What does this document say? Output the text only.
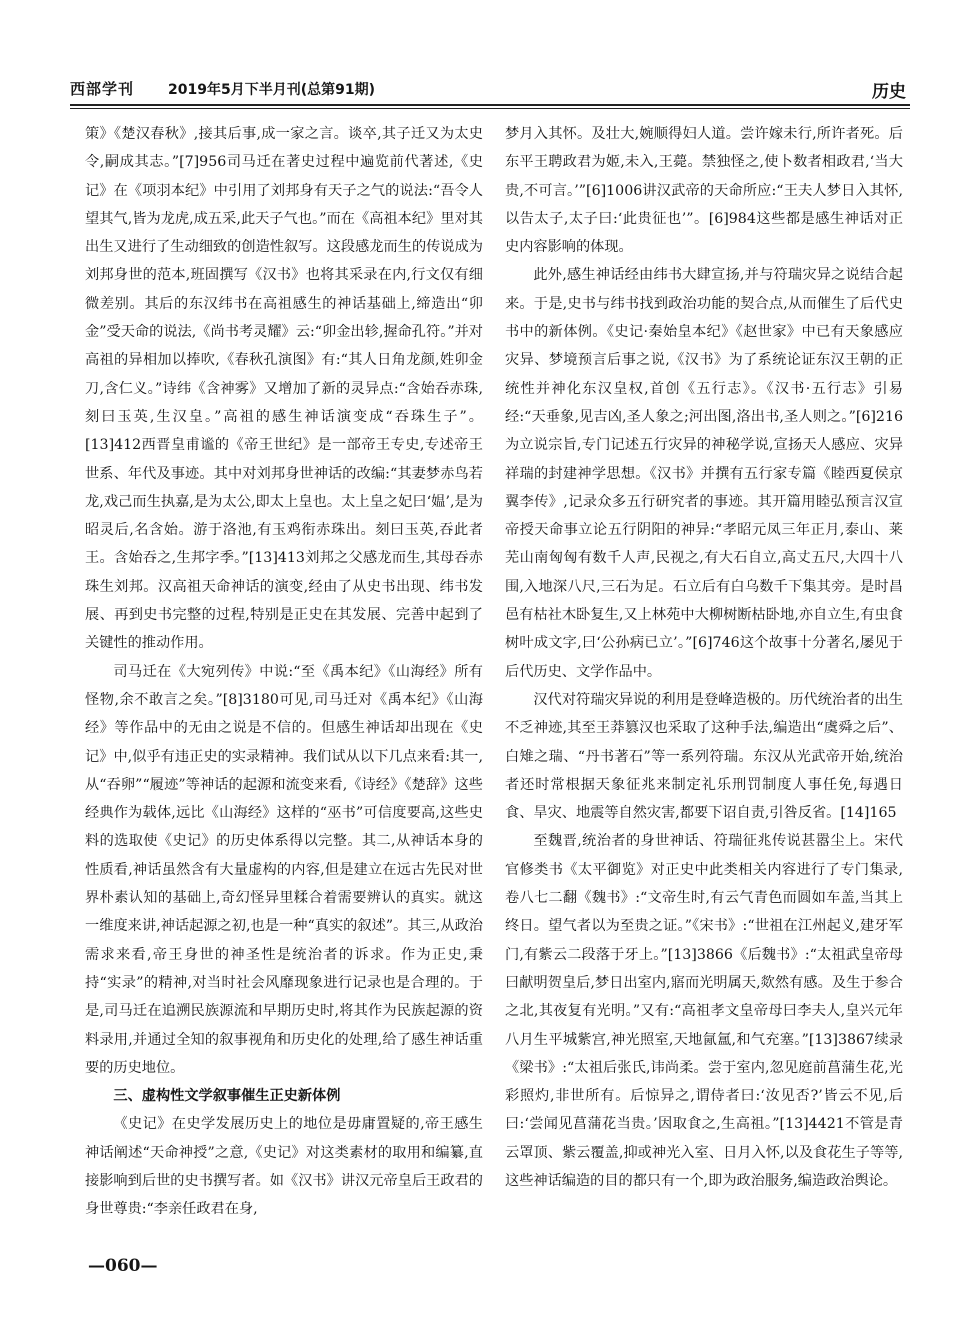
西部学刊 2019年5月下半月刊(总第91期)	历史

策》《楚汉春秋》,接其后事,成一家之言。谈卒,其子迁又为太史令,嗣成其志。”[7]956司马迁在著史过程中遍览前代著述,《史记》在《项羽本纪》中引用了刘邦身有天子之气的说法:“吾令人望其气,皆为龙虎,成五采,此天子气也。”而在《高祖本纪》里对其出生又进行了生动细致的创造性叙写。这段感龙而生的传说成为刘邦身世的范本,班固撰写《汉书》也将其采录在内,行文仅有细微差别。其后的东汉纬书在高祖感生的神话基础上,缔造出“卯金”受天命的说法,《尚书考灵耀》云:“卯金出轸,握命孔符。”并对高祖的异相加以捧吹,《春秋孔演图》有:“其人日角龙颜,姓卯金刀,含仁义。”诗纬《含神雾》又增加了新的灵异点:“含始吞赤珠,刻曰玉英,生汉皇。”高祖的感生神话演变成“吞珠生子”。[13]412西晋皇甫谧的《帝王世纪》是一部帝王专史,专述帝王世系、年代及事迹。其中对刘邦身世神话的改编:“其妻梦赤鸟若龙,戏己而生执嘉,是为太公,即太上皇也。太上皇之妃曰‘媪’,是为昭灵后,名含始。游于洛池,有玉鸡衔赤珠出。刻曰玉英,吞此者王。含始吞之,生邦字季。”[13]413刘邦之父感龙而生,其母吞赤珠生刘邦。汉高祖天命神话的演变,经由了从史书出现、纬书发展、再到史书完整的过程,特别是正史在其发展、完善中起到了关键性的推动作用。

司马迁在《大宛列传》中说:“至《禹本纪》《山海经》所有怪物,余不敢言之矣。”[8]3180可见,司马迁对《禹本纪》《山海经》等作品中的无由之说是不信的。但感生神话却出现在《史记》中,似乎有违正史的实录精神。我们试从以下几点来看:其一,从“吞卵”“履迹”等神话的起源和流变来看,《诗经》《楚辞》这些经典作为载体,远比《山海经》这样的“巫书”可信度要高,这些史料的选取使《史记》的历史体系得以完整。其二,从神话本身的性质看,神话虽然含有大量虚构的内容,但是建立在远古先民对世界朴素认知的基础上,奇幻怪异里糅合着需要辨认的真实。就这一维度来讲,神话起源之初,也是一种“真实的叙述”。其三,从政治需求来看,帝王身世的神圣性是统治者的诉求。作为正史,秉持“实录”的精神,对当时社会风靡现象进行记录也是合理的。于是,司马迁在追溯民族源流和早期历史时,将其作为民族起源的资料录用,并通过全知的叙事视角和历史化的处理,给了感生神话重要的历史地位。

三、虚构性文学叙事催生正史新体例

《史记》在史学发展历史上的地位是毋庸置疑的,帝王感生神话阐述“天命神授”之意,《史记》对这类素材的取用和编纂,直接影响到后世的史书撰写者。如《汉书》讲汉元帝皇后王政君的身世尊贵:“李亲任政君在身,

梦月入其怀。及壮大,婉顺得妇人道。尝许嫁未行,所许者死。后东平王聘政君为姬,未入,王薨。禁独怪之,使卜数者相政君,‘当大贵,不可言。’”[6]1006讲汉武帝的天命所应:“王夫人梦日入其怀,以告太子,太子曰:‘此贵征也’”。[6]984这些都是感生神话对正史内容影响的体现。

此外,感生神话经由纬书大肆宣扬,并与符瑞灾异之说结合起来。于是,史书与纬书找到政治功能的契合点,从而催生了后代史书中的新体例。《史记·秦始皇本纪》《赵世家》中已有天象感应灾异、梦境预言后事之说,《汉书》为了系统论证东汉王朝的正统性并神化东汉皇权,首创《五行志》。《汉书·五行志》引易经:“天垂象,见吉凶,圣人象之;河出图,洛出书,圣人则之。”[6]216为立说宗旨,专门记述五行灾异的神秘学说,宣扬天人感应、灾异祥瑞的封建神学思想。《汉书》并撰有五行家专篇《睦西夏侯京翼李传》,记录众多五行研究者的事迹。其开篇用睦弘预言汉宣帝授天命事立论五行阴阳的神异:“孝昭元凤三年正月,泰山、莱芜山南匈匈有数千人声,民视之,有大石自立,高丈五尺,大四十八围,入地深八尺,三石为足。石立后有白乌数千下集其旁。是时昌邑有枯社木卧复生,又上林苑中大柳树断枯卧地,亦自立生,有虫食树叶成文字,曰‘公孙病已立’。”[6]746这个故事十分著名,屡见于后代历史、文学作品中。

汉代对符瑞灾异说的利用是登峰造极的。历代统治者的出生不乏神迹,其至王莽篡汉也采取了这种手法,编造出“虞舜之后”、白雉之瑞、“丹书著石”等一系列符瑞。东汉从光武帝开始,统治者还时常根据天象征兆来制定礼乐刑罚制度人事任免,每遇日食、旱灾、地震等自然灾害,都要下诏自责,引咎反省。[14]165

至魏晋,统治者的身世神话、符瑞征兆传说甚嚣尘上。宋代官修类书《太平御览》对正史中此类相关内容进行了专门集录,卷八七二翻《魏书》:“文帝生时,有云气青色而圆如车盖,当其上终日。望气者以为至贵之证。”《宋书》:“世祖在江州起义,建牙军门,有紫云二段落于牙上。”[13]3866《后魏书》:“太祖武皇帝母曰献明贺皇后,梦日出室内,寤而光明属天,欻然有感。及生于参合之北,其夜复有光明。”又有:“高祖孝文皇帝母曰李夫人,皇兴元年八月生平城紫宫,神光照室,天地氤氲,和气充塞。”[13]3867续录《梁书》:“太祖后张氏,讳尚柔。尝于室内,忽见庭前菖蒲生花,光彩照灼,非世所有。后惊异之,谓侍者曰:‘汝见否?’皆云不见,后曰:‘尝闻见菖蒲花当贵。’因取食之,生高祖。”[13]4421不管是青云罩顶、紫云覆盖,抑或神光入室、日月入怀,以及食花生子等等,这些神话编造的目的都只有一个,即为政治服务,编造政治舆论。

—060—
